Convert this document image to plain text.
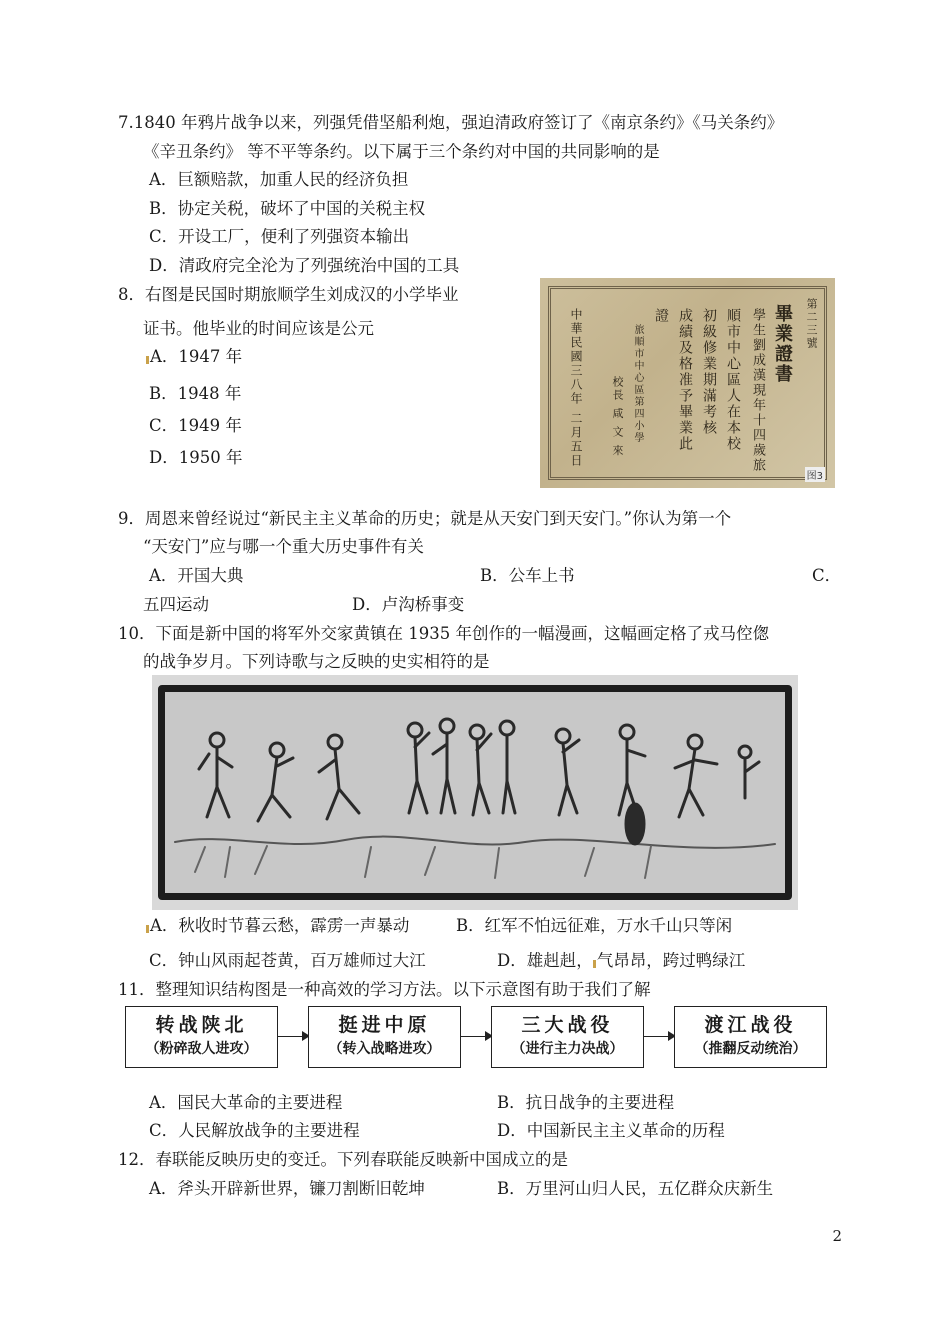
7.1840 年鸦片战争以来，列强凭借坚船利炮，强迫清政府签订了《南京条约》《马关条约》
《辛丑条约》 等不平等条约。以下属于三个条约对中国的共同影响的是
A．巨额赔款，加重人民的经济负担
B．协定关税，破坏了中国的关税主权
C．开设工厂，便利了列强资本输出
D．清政府完全沦为了列强统治中国的工具
8．右图是民国时期旅顺学生刘成汉的小学毕业
证书。他毕业的时间应该是公元
A．1947 年
B．1948 年
C．1949 年
D．1950 年
第二三號
畢業證書
學生劉成漢現年十四歲旅
順市中心區人在本校
初級修業期滿考核
成績及格准予畢業此
證
旅順市中心區第四小學
校長 咸 文 來
中華民國三八年 二月五日
图3
9．周恩来曾经说过“新民主主义革命的历史；就是从天安门到天安门。”你认为第一个
“天安门”应与哪一个重大历史事件有关
A．开国大典	B．公车上书	C．
五四运动	D．卢沟桥事变
10．下面是新中国的将军外交家黄镇在 1935 年创作的一幅漫画，这幅画定格了戎马倥偬
的战争岁月。下列诗歌与之反映的史实相符的是
A．秋收时节暮云愁，霹雳一声暴动	B．红军不怕远征难，万水千山只等闲
C．钟山风雨起苍黄，百万雄师过大江	D．雄赳赳， 气昂昂，跨过鸭绿江
11．整理知识结构图是一种高效的学习方法。以下示意图有助于我们了解
转战陕北
（粉碎敌人进攻）
挺进中原
（转入战略进攻）
三大战役
（进行主力决战）
渡江战役
（推翻反动统治）
A．国民大革命的主要进程	B．抗日战争的主要进程
C．人民解放战争的主要进程	D．中国新民主主义革命的历程
12．春联能反映历史的变迁。下列春联能反映新中国成立的是
A．斧头开辟新世界，镰刀割断旧乾坤	B．万里河山归人民，五亿群众庆新生
2
